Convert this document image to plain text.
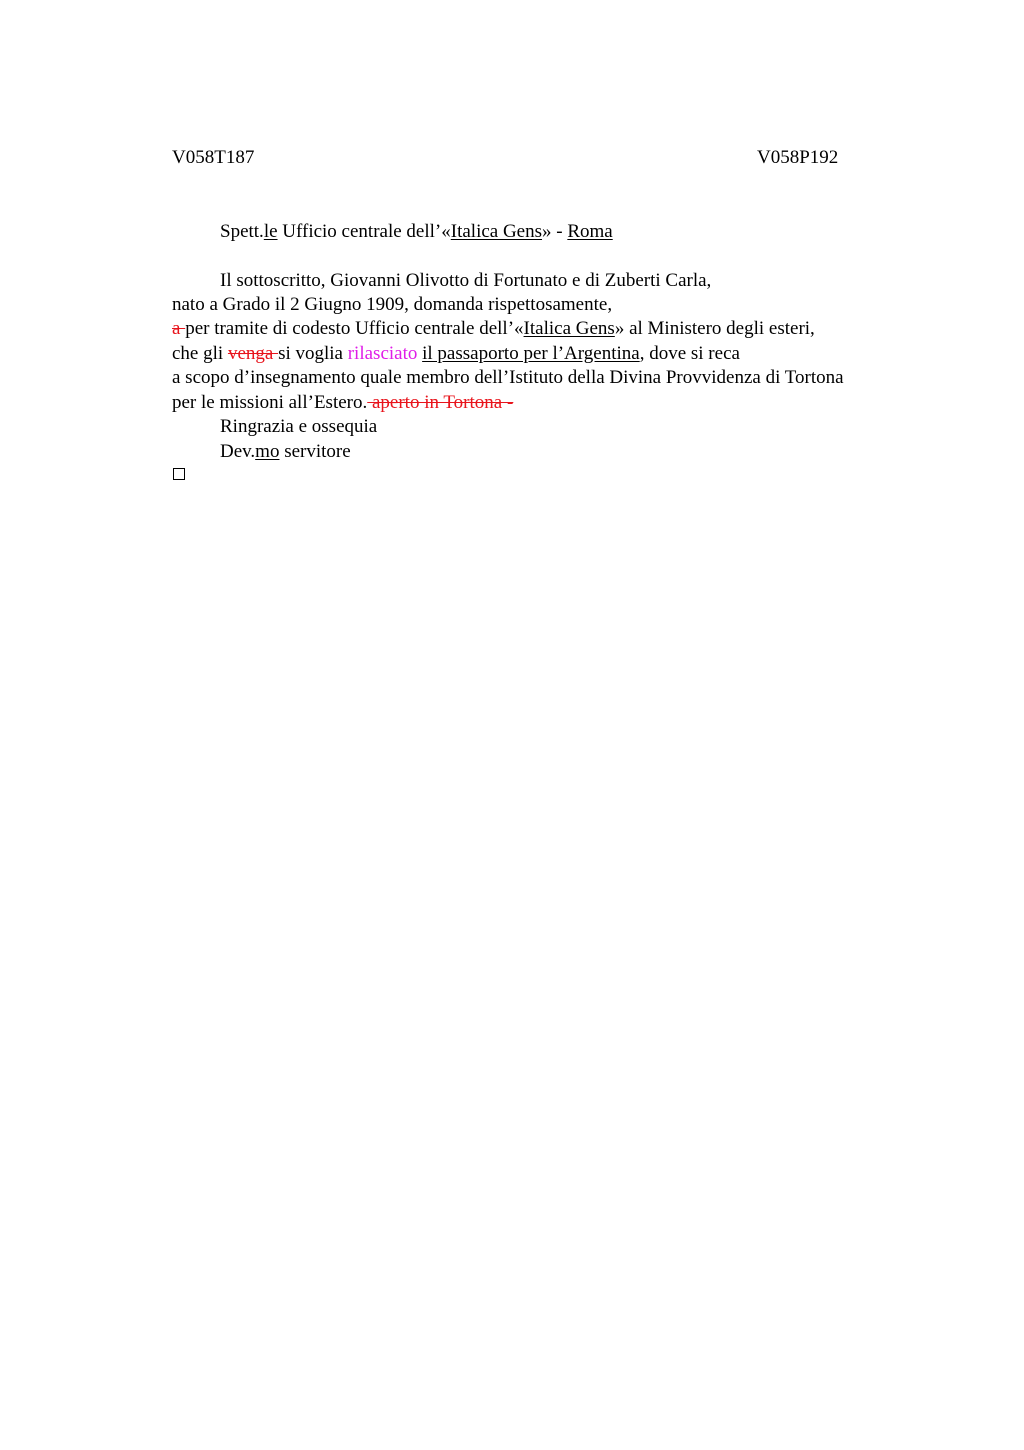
V058T187	V058P192
Spett.le Ufficio centrale dell’«Italica Gens» - Roma
Il sottoscritto, Giovanni Olivotto di Fortunato e di Zuberti Carla,
nato a Grado il 2 Giugno 1909, domanda rispettosamente,
a per tramite di codesto Ufficio centrale dell’«Italica Gens» al Ministero degli esteri,
che gli venga si voglia rilasciato il passaporto per l’Argentina, dove si reca
a scopo d’insegnamento quale membro dell’Istituto della Divina Provvidenza di Tortona
per le missioni all’Estero. aperto in Tortona -
Ringrazia e ossequia
Dev.mo servitore
